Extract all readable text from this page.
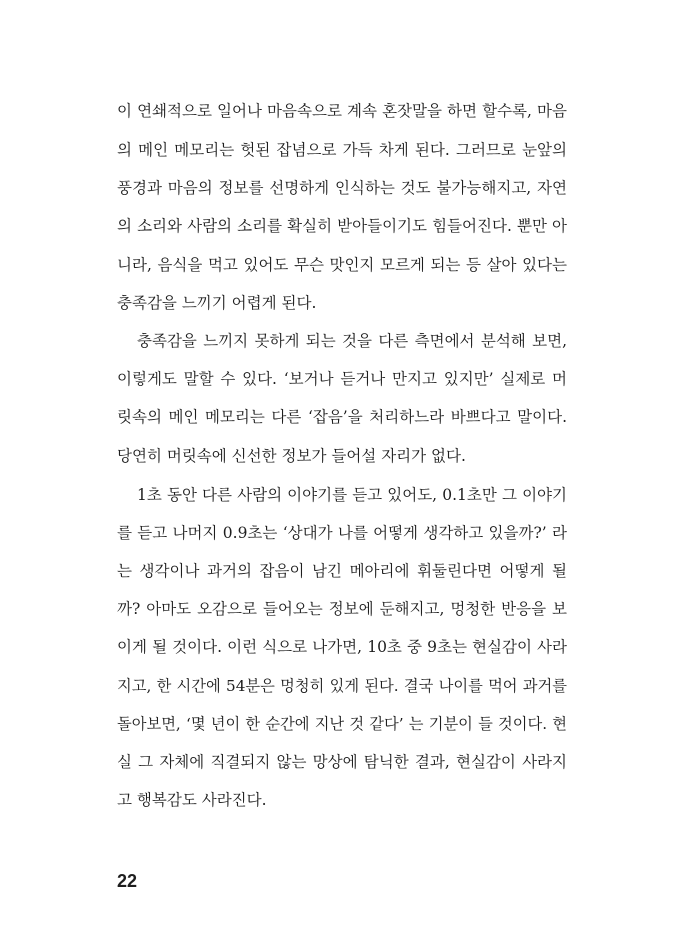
이 연쇄적으로 일어나 마음속으로 계속 혼잣말을 하면 할수록, 마음
의 메인 메모리는 헛된 잡념으로 가득 차게 된다. 그러므로 눈앞의
풍경과 마음의 정보를 선명하게 인식하는 것도 불가능해지고, 자연
의 소리와 사람의 소리를 확실히 받아들이기도 힘들어진다. 뿐만 아
니라, 음식을 먹고 있어도 무슨 맛인지 모르게 되는 등 살아 있다는
충족감을 느끼기 어렵게 된다.
충족감을 느끼지 못하게 되는 것을 다른 측면에서 분석해 보면,
이렇게도 말할 수 있다. ‘보거나 듣거나 만지고 있지만’ 실제로 머
릿속의 메인 메모리는 다른 ‘잡음’을 처리하느라 바쁘다고 말이다.
당연히 머릿속에 신선한 정보가 들어설 자리가 없다.
1초 동안 다른 사람의 이야기를 듣고 있어도, 0.1초만 그 이야기
를 듣고 나머지 0.9초는 ‘상대가 나를 어떻게 생각하고 있을까?’ 라
는 생각이나 과거의 잡음이 남긴 메아리에 휘둘린다면 어떻게 될
까? 아마도 오감으로 들어오는 정보에 둔해지고, 멍청한 반응을 보
이게 될 것이다. 이런 식으로 나가면, 10초 중 9초는 현실감이 사라
지고, 한 시간에 54분은 멍청히 있게 된다. 결국 나이를 먹어 과거를
돌아보면, ‘몇 년이 한 순간에 지난 것 같다’ 는 기분이 들 것이다. 현
실 그 자체에 직결되지 않는 망상에 탐닉한 결과, 현실감이 사라지
고 행복감도 사라진다.
22
